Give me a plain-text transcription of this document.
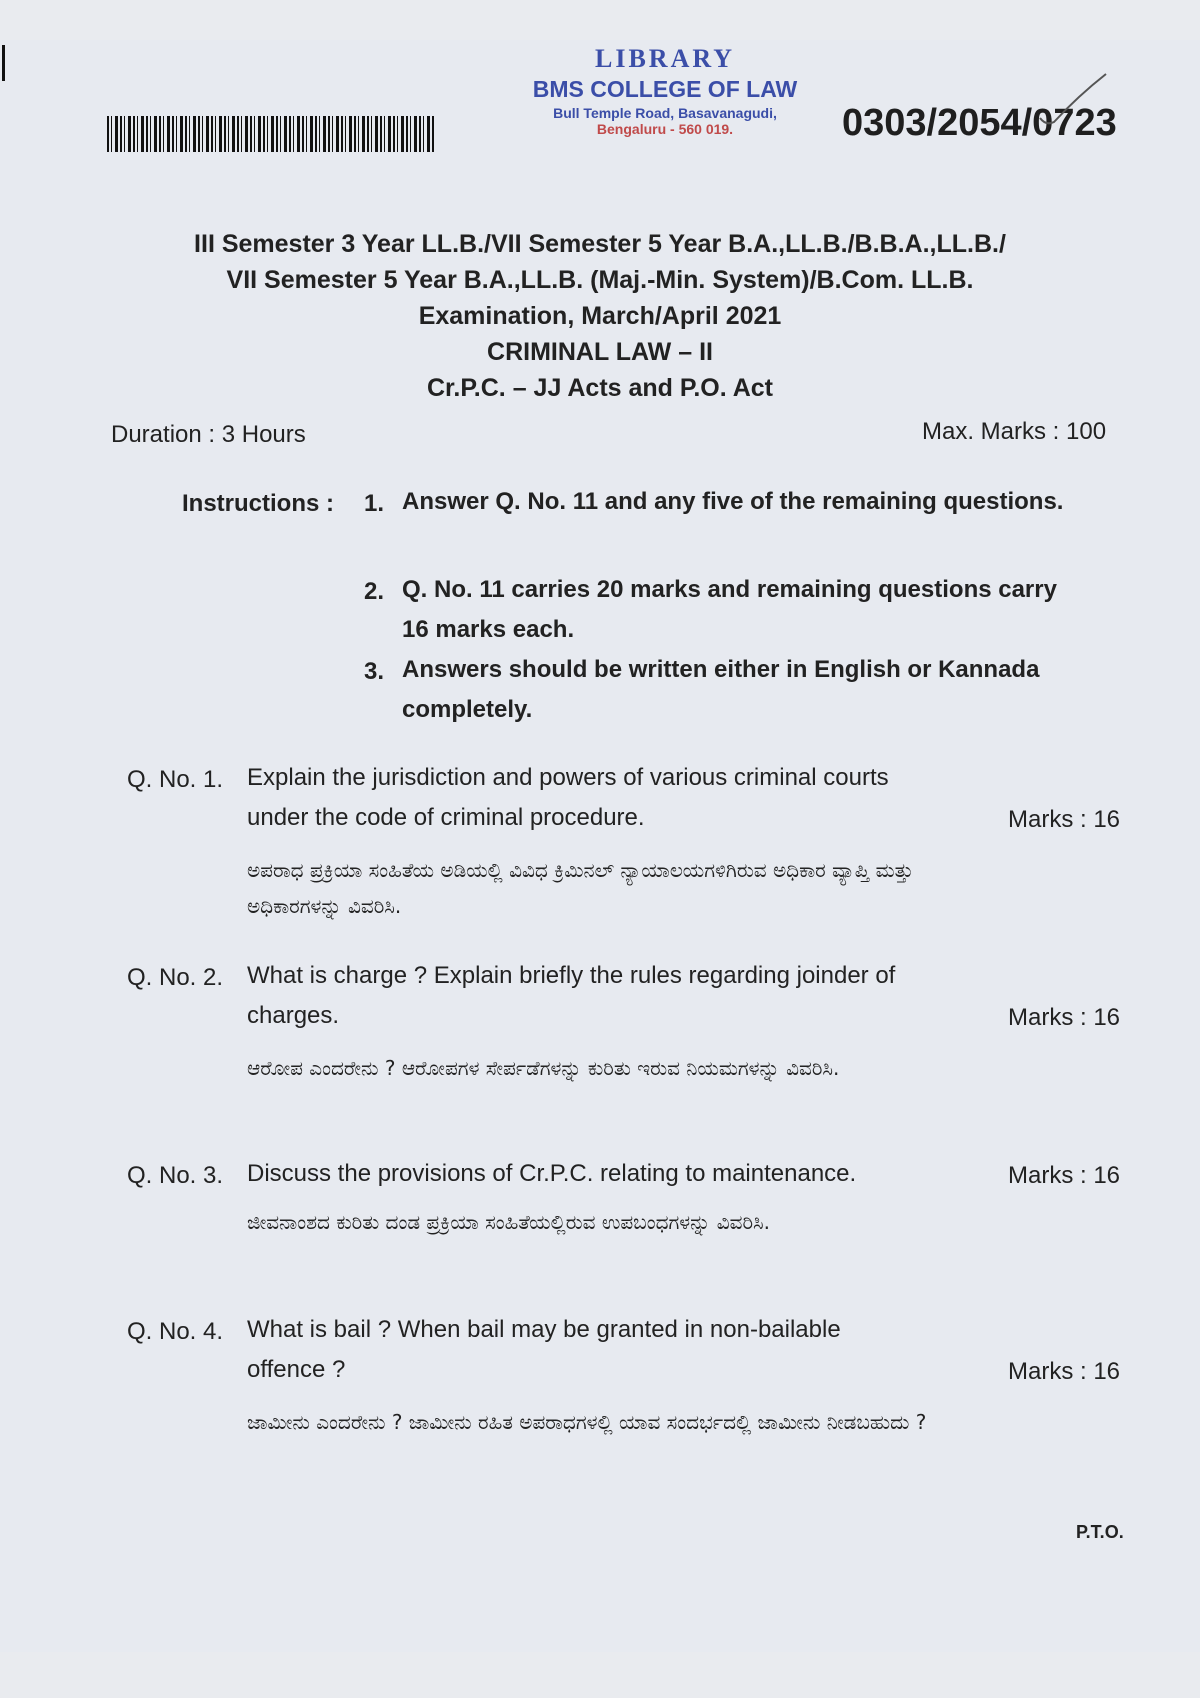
LIBRARY
BMS COLLEGE OF LAW
Bull Temple Road, Basavanagudi,
Bengaluru - 560 019.	0303/2054/0723
III Semester 3 Year LL.B./VII Semester 5 Year B.A.,LL.B./B.B.A.,LL.B./
VII Semester 5 Year B.A.,LL.B. (Maj.-Min. System)/B.Com. LL.B.
Examination, March/April 2021
CRIMINAL LAW – II
Cr.P.C. – JJ Acts and P.O. Act
Duration : 3 Hours	Max. Marks : 100
Instructions : 1. Answer Q. No. 11 and any five of the remaining questions.
2. Q. No. 11 carries 20 marks and remaining questions carry 16 marks each.
3. Answers should be written either in English or Kannada completely.
Q. No. 1. Explain the jurisdiction and powers of various criminal courts
under the code of criminal procedure.	Marks : 16
ಅಪರಾಧ ಪ್ರಕ್ರಿಯಾ ಸಂಹಿತೆಯ ಅಡಿಯಲ್ಲಿ ವಿವಿಧ ಕ್ರಿಮಿನಲ್ ನ್ಯಾಯಾಲಯಗಳಿಗಿರುವ ಅಧಿಕಾರ ವ್ಯಾಪ್ತಿ ಮತ್ತು ಅಧಿಕಾರಗಳನ್ನು ವಿವರಿಸಿ.
Q. No. 2. What is charge ? Explain briefly the rules regarding joinder of
charges.	Marks : 16
ಆರೋಪ ಎಂದರೇನು ? ಆರೋಪಗಳ ಸೇರ್ಪಡೆಗಳನ್ನು ಕುರಿತು ಇರುವ ನಿಯಮಗಳನ್ನು ವಿವರಿಸಿ.
Q. No. 3. Discuss the provisions of Cr.P.C. relating to maintenance.	Marks : 16
ಜೀವನಾಂಶದ ಕುರಿತು ದಂಡ ಪ್ರಕ್ರಿಯಾ ಸಂಹಿತೆಯಲ್ಲಿರುವ ಉಪಬಂಧಗಳನ್ನು ವಿವರಿಸಿ.
Q. No. 4. What is bail ? When bail may be granted in non-bailable
offence ?	Marks : 16
ಜಾಮೀನು ಎಂದರೇನು ? ಜಾಮೀನು ರಹಿತ ಅಪರಾಧಗಳಲ್ಲಿ ಯಾವ ಸಂದರ್ಭದಲ್ಲಿ ಜಾಮೀನು ನೀಡಬಹುದು ?
P.T.O.
